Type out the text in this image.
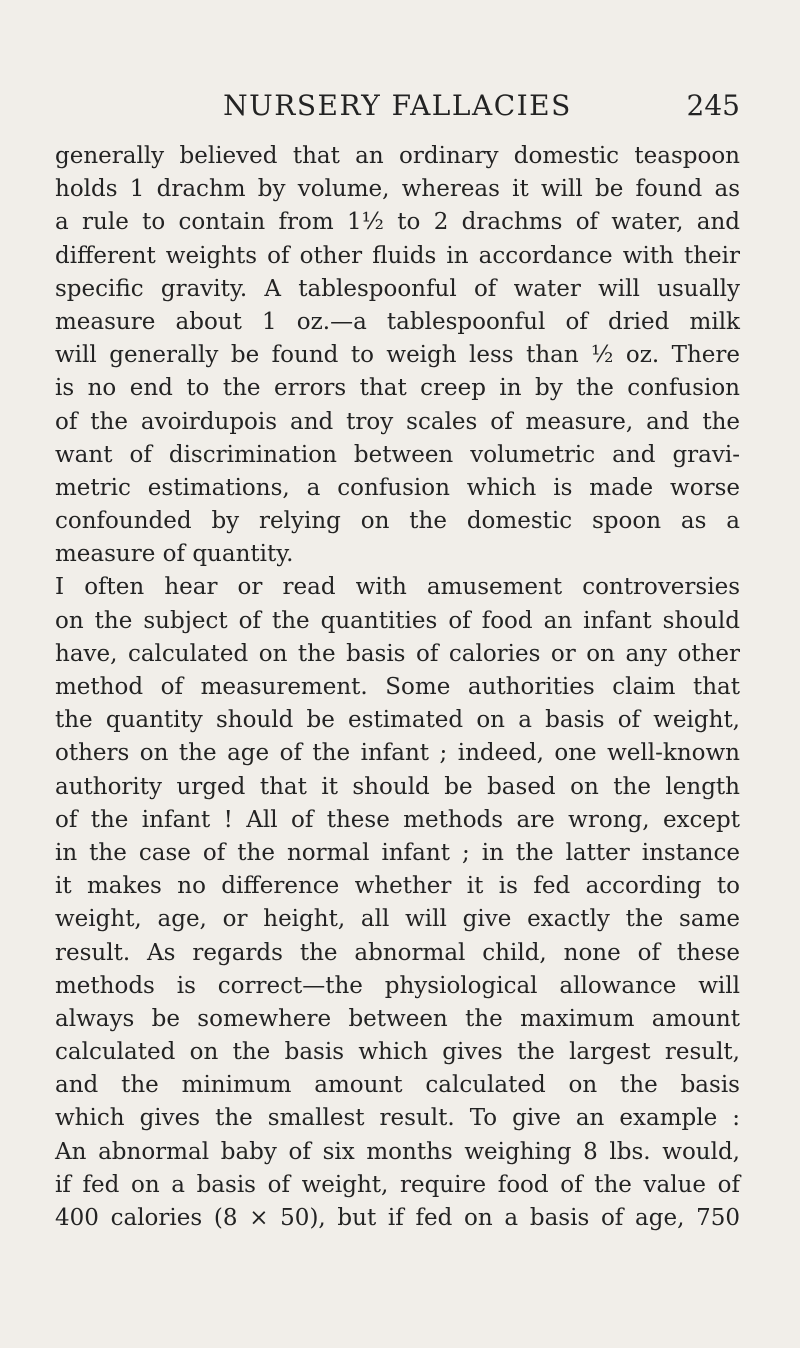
NURSERY FALLACIES	245
generally believed that an ordinary domestic teaspoon
holds 1 drachm by volume, whereas it will be found as
a rule to contain from 1½ to 2 drachms of water, and
different weights of other fluids in accordance with their
specific gravity. A tablespoonful of water will usually
measure about 1 oz.—a tablespoonful of dried milk
will generally be found to weigh less than ½ oz. There
is no end to the errors that creep in by the confusion
of the avoirdupois and troy scales of measure, and the
want of discrimination between volumetric and gravi-
metric estimations, a confusion which is made worse
confounded by relying on the domestic spoon as a
measure of quantity.
I often hear or read with amusement controversies
on the subject of the quantities of food an infant should
have, calculated on the basis of calories or on any other
method of measurement. Some authorities claim that
the quantity should be estimated on a basis of weight,
others on the age of the infant ; indeed, one well-known
authority urged that it should be based on the length
of the infant ! All of these methods are wrong, except
in the case of the normal infant ; in the latter instance
it makes no difference whether it is fed according to
weight, age, or height, all will give exactly the same
result. As regards the abnormal child, none of these
methods is correct—the physiological allowance will
always be somewhere between the maximum amount
calculated on the basis which gives the largest result,
and the minimum amount calculated on the basis
which gives the smallest result. To give an example :
An abnormal baby of six months weighing 8 lbs. would,
if fed on a basis of weight, require food of the value of
400 calories (8 × 50), but if fed on a basis of age, 750
